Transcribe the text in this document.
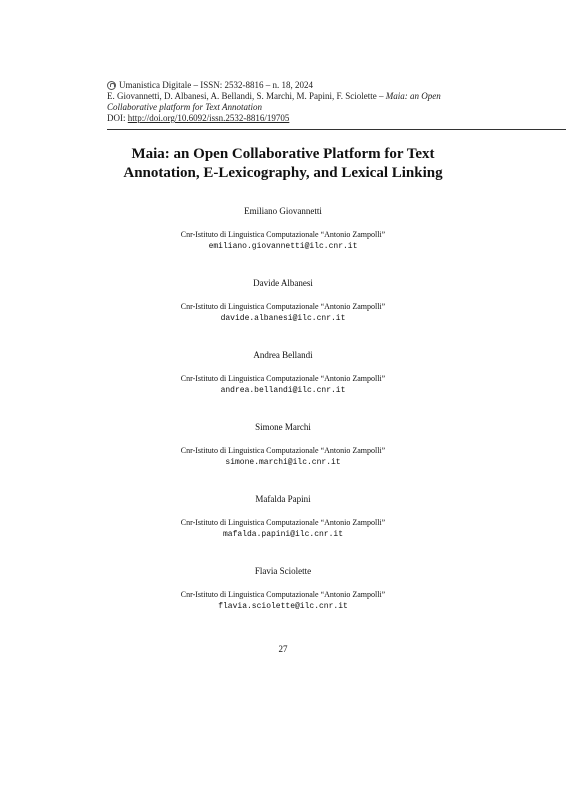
Umanistica Digitale – ISSN: 2532-8816 – n. 18, 2024
E. Giovannetti, D. Albanesi, A. Bellandi, S. Marchi, M. Papini, F. Sciolette – Maia: an Open
Collaborative platform for Text Annotation
DOI: http://doi.org/10.6092/issn.2532-8816/19705
Maia: an Open Collaborative Platform for Text
Annotation, E-Lexicography, and Lexical Linking
Emiliano Giovannetti
Cnr-Istituto di Linguistica Computazionale “Antonio Zampolli”
emiliano.giovannetti@ilc.cnr.it
Davide Albanesi
Cnr-Istituto di Linguistica Computazionale “Antonio Zampolli”
davide.albanesi@ilc.cnr.it
Andrea Bellandi
Cnr-Istituto di Linguistica Computazionale “Antonio Zampolli”
andrea.bellandi@ilc.cnr.it
Simone Marchi
Cnr-Istituto di Linguistica Computazionale “Antonio Zampolli”
simone.marchi@ilc.cnr.it
Mafalda Papini
Cnr-Istituto di Linguistica Computazionale “Antonio Zampolli”
mafalda.papini@ilc.cnr.it
Flavia Sciolette
Cnr-Istituto di Linguistica Computazionale “Antonio Zampolli”
flavia.sciolette@ilc.cnr.it
27
